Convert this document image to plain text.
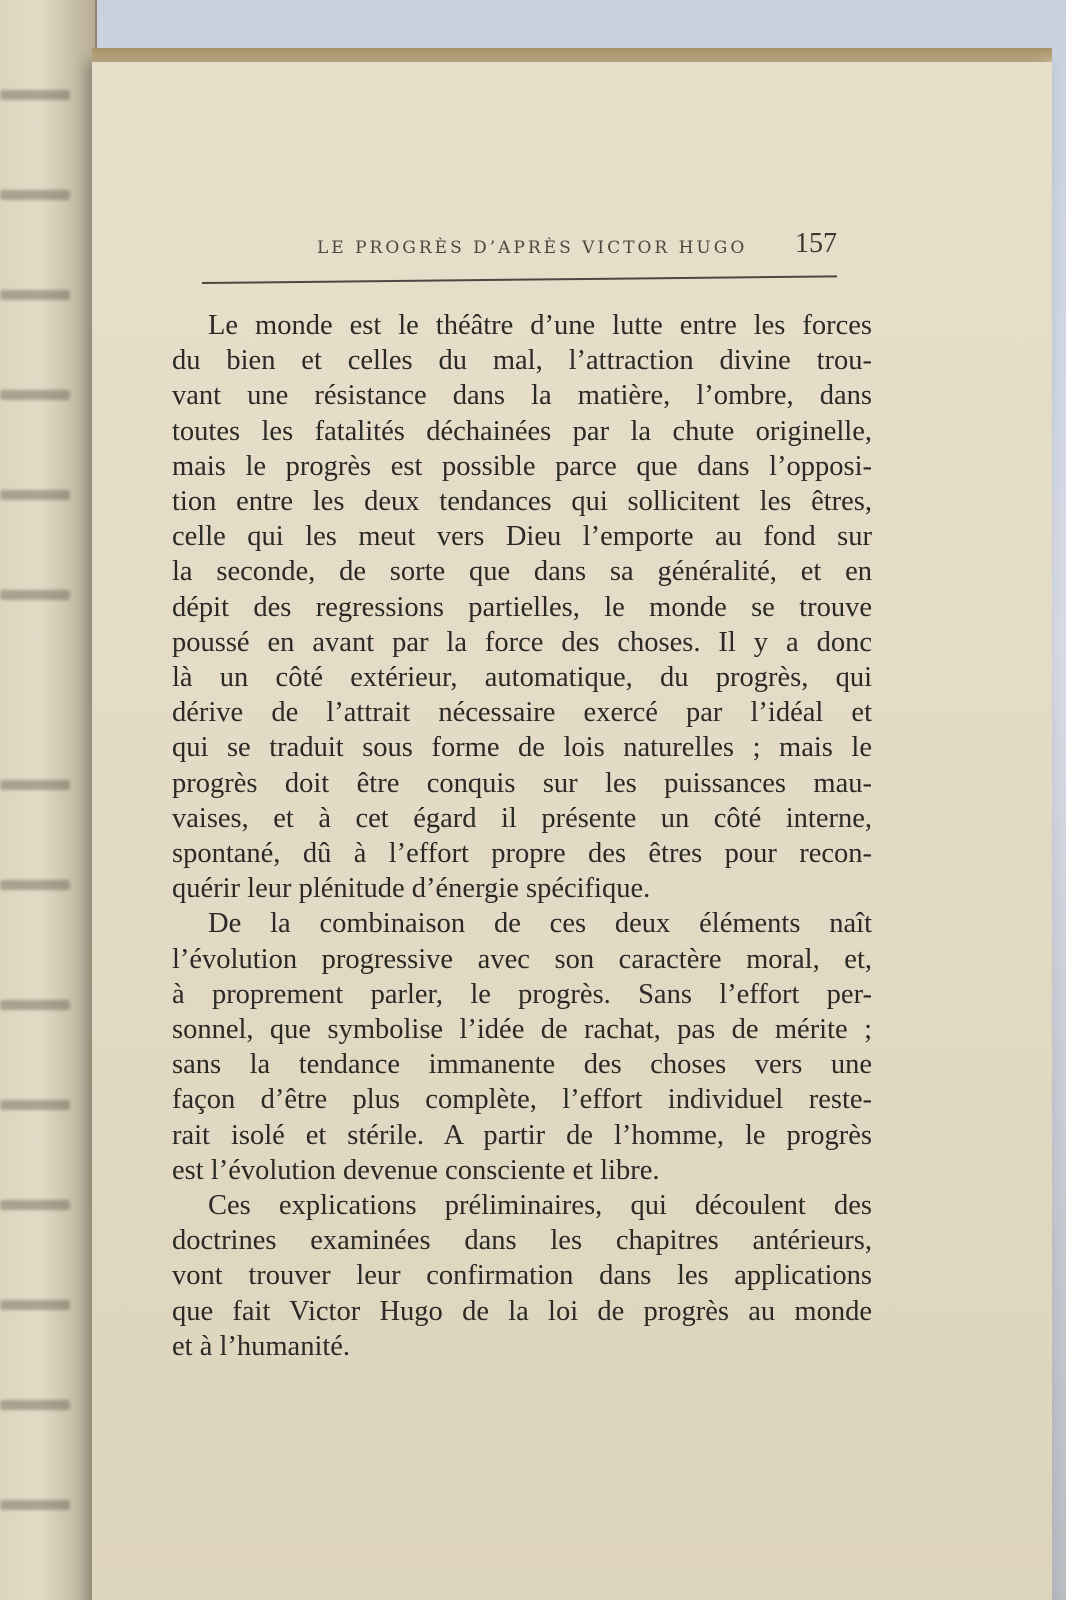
LE PROGRÈS D’APRÈS VICTOR HUGO 157
Le monde est le théâtre d’une lutte entre les forces
du bien et celles du mal, l’attraction divine trou-
vant une résistance dans la matière, l’ombre, dans
toutes les fatalités déchainées par la chute originelle,
mais le progrès est possible parce que dans l’opposi-
tion entre les deux tendances qui sollicitent les êtres,
celle qui les meut vers Dieu l’emporte au fond sur
la seconde, de sorte que dans sa généralité, et en
dépit des regressions partielles, le monde se trouve
poussé en avant par la force des choses. Il y a donc
là un côté extérieur, automatique, du progrès, qui
dérive de l’attrait nécessaire exercé par l’idéal et
qui se traduit sous forme de lois naturelles ; mais le
progrès doit être conquis sur les puissances mau-
vaises, et à cet égard il présente un côté interne,
spontané, dû à l’effort propre des êtres pour recon-
quérir leur plénitude d’énergie spécifique.
De la combinaison de ces deux éléments naît
l’évolution progressive avec son caractère moral, et,
à proprement parler, le progrès. Sans l’effort per-
sonnel, que symbolise l’idée de rachat, pas de mérite ;
sans la tendance immanente des choses vers une
façon d’être plus complète, l’effort individuel reste-
rait isolé et stérile. A partir de l’homme, le progrès
est l’évolution devenue consciente et libre.
Ces explications préliminaires, qui découlent des
doctrines examinées dans les chapitres antérieurs,
vont trouver leur confirmation dans les applications
que fait Victor Hugo de la loi de progrès au monde
et à l’humanité.
